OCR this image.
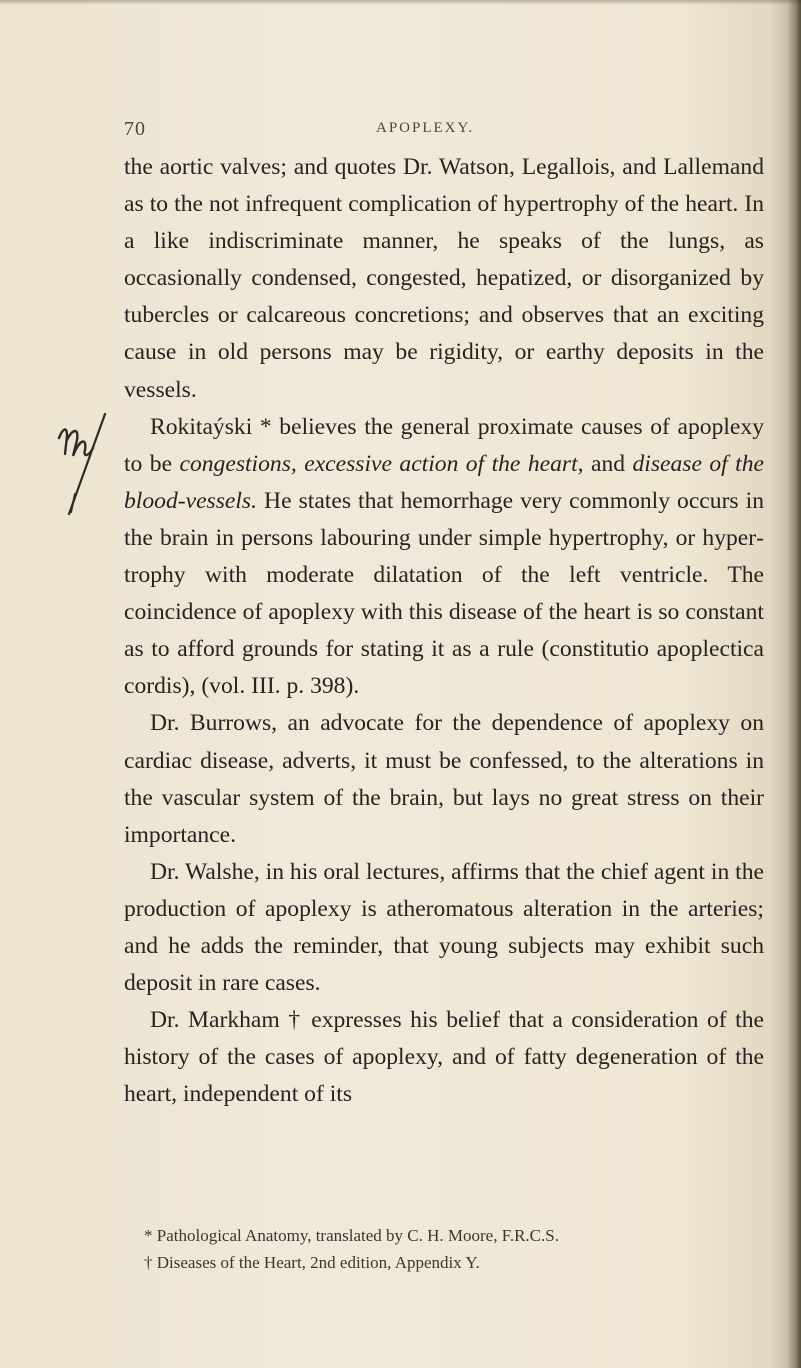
70	APOPLEXY.

the aortic valves; and quotes Dr. Watson, Legallois, and Lallemand as to the not infrequent complication of hypertrophy of the heart. In a like indiscriminate manner, he speaks of the lungs, as occasionally condensed, congested, hepatized, or disorganized by tubercles or calcareous concretions; and observes that an exciting cause in old persons may be rigidity, or earthy deposits in the vessels.

Rokitaýski * believes the general proximate causes of apoplexy to be congestions, excessive action of the heart, and disease of the blood-vessels. He states that hemorrhage very commonly occurs in the brain in persons labouring under simple hypertrophy, or hypertrophy with moderate dilatation of the left ventricle. The coincidence of apoplexy with this disease of the heart is so constant as to afford grounds for stating it as a rule (constitutio apoplectica cordis), (vol. III. p. 398).

Dr. Burrows, an advocate for the dependence of apoplexy on cardiac disease, adverts, it must be confessed, to the alterations in the vascular system of the brain, but lays no great stress on their importance.

Dr. Walshe, in his oral lectures, affirms that the chief agent in the production of apoplexy is atheromatous alteration in the arteries; and he adds the reminder, that young subjects may exhibit such deposit in rare cases.

Dr. Markham † expresses his belief that a consideration of the history of the cases of apoplexy, and of fatty degeneration of the heart, independent of its

* Pathological Anatomy, translated by C. H. Moore, F.R.C.S.

† Diseases of the Heart, 2nd edition, Appendix Y.
